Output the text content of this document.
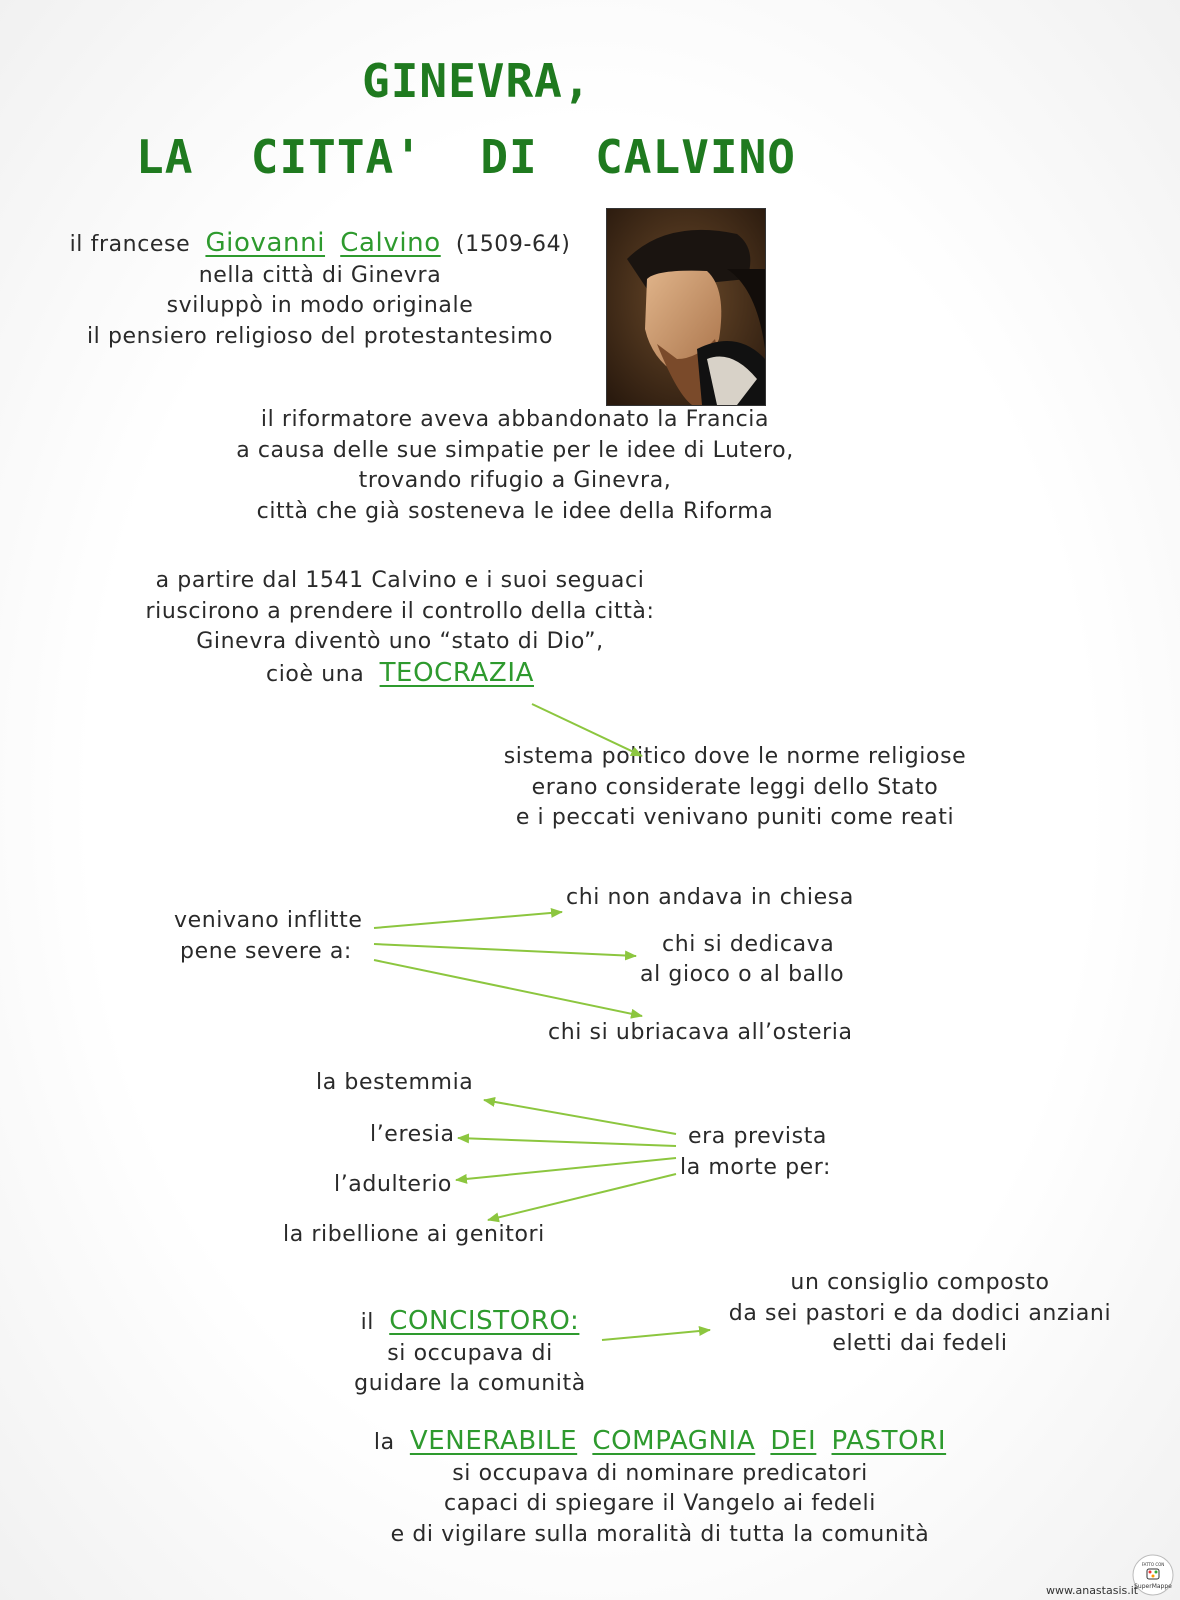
GINEVRA,
LA  CITTA'  DI  CALVINO
il francese Giovanni Calvino (1509-64)
nella città di Ginevra
sviluppò in modo originale
il pensiero religioso del protestantesimo
il riformatore aveva abbandonato la Francia
a causa delle sue simpatie per le idee di Lutero,
trovando rifugio a Ginevra,
città che già sosteneva le idee della Riforma
a partire dal 1541 Calvino e i suoi seguaci
riuscirono a prendere il controllo della città:
Ginevra diventò uno “stato di Dio”,
cioè una TEOCRAZIA
sistema politico dove le norme religiose
erano considerate leggi dello Stato
e i peccati venivano puniti come reati
venivano inflitte
pene severe a:
chi non andava in chiesa
chi si dedicava
al gioco o al ballo
chi si ubriacava all’osteria
la bestemmia
l’eresia
l’adulterio
la ribellione ai genitori
era prevista
la morte per:
il CONCISTORO:
si occupava di
guidare la comunità
un consiglio composto
da sei pastori e da dodici anziani
eletti dai fedeli
la VENERABILE COMPAGNIA DEI PASTORI
si occupava di nominare predicatori
capaci di spiegare il Vangelo ai fedeli
e di vigilare sulla moralità di tutta la comunità
www.anastasis.it
FATTO CON
SuperMappe
